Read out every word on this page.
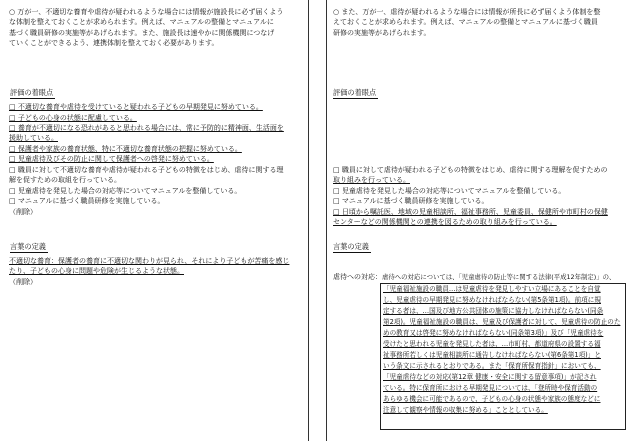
○ 万が一、不適切な養育や虐待が疑われるような場合には情報が施設長に必ず届くよう
な体制を整えておくことが求められます。例えば、マニュアルの整備とマニュアルに
基づく職員研修の実施等があげられます。また、施設長は速やかに関係機関につなげ
ていくことができるよう、連携体制を整えておく必要があります。
評価の着眼点
□ 不適切な養育や虐待を受けていると疑われる子どもの早期発見に努めている。
□ 子どもの心身の状態に配慮している。
□ 養育が不適切になる恐れがあると思われる場合には、常に予防的に精神面、生活面を
援助している。
□ 保護者や家族の養育状態、特に不適切な養育状態の把握に努めている。
□ 児童虐待及びその防止に関して保護者への啓発に努めている。
□ 職員に対して不適切な養育や虐待が疑われる子どもの特徴をはじめ、虐待に関する理
解を促すための取組を行っている。
□ 児童虐待を発見した場合の対応等についてマニュアルを整備している。
□ マニュアルに基づく職員研修を実施している。
（削除）
言葉の定義
不適切な養育：保護者の養育に不適切な関わりが見られ、それにより子どもが苦痛を感じ
たり、子どもの心身に問題や危険が生じるような状態。
（削除）
○ また、万が一、虐待が疑われるような場合には情報が所長に必ず届くよう体制を整
えておくことが求められます。例えば、マニュアルの整備とマニュアルに基づく職員
研修の実施等があげられます。
評価の着眼点
□ 職員に対して虐待が疑われる子どもの特徴をはじめ、虐待に関する理解を促すための
取り組みを行っている。
□ 児童虐待を発見した場合の対応等についてマニュアルを整備している。
□ マニュアルに基づく職員研修を実施している。
□ 日頃から嘱託医、地域の児童相談所、福祉事務所、児童委員、保健所や市町村の保健
センターなどの関係機関との連携を図るための取り組みを行っている。
言葉の定義
虐待への対応： 虐待への対応については、「児童虐待の防止等に関する法律(平成12年制定)」の、
「児童福祉施設の職員…は児童虐待を発見しやすい立場にあることを自覚
し、児童虐待の早期発見に努めなければならない(第5条第1項)。前項に規
定する者は、…国及び地方公共団体の施策に協力しなければならない(同条
第2項)。児童福祉施設の職員は、児童及び保護者に対して、児童虐待の防止のた
めの教育又は啓発に努めなければならない(同条第3項)」及び「児童虐待を
受けたと思われる児童を発見した者は、…市町村、都道府県の設置する福
祉事務所若しくは児童相談所に通告しなければならない(第6条第1項)」と
いう条文に示されるとおりである。また「保育所保育指針」においても、
「児童虐待などの対応(第12章 健康・安全に関する留意事項)」が記され
ている。特に保育所における早期発見については、「登所時や保育活動の
あらゆる機会に可能であるので、子どもの心身の状態や家族の態度などに
注意して観察や情報の収集に努める」こととしている。
